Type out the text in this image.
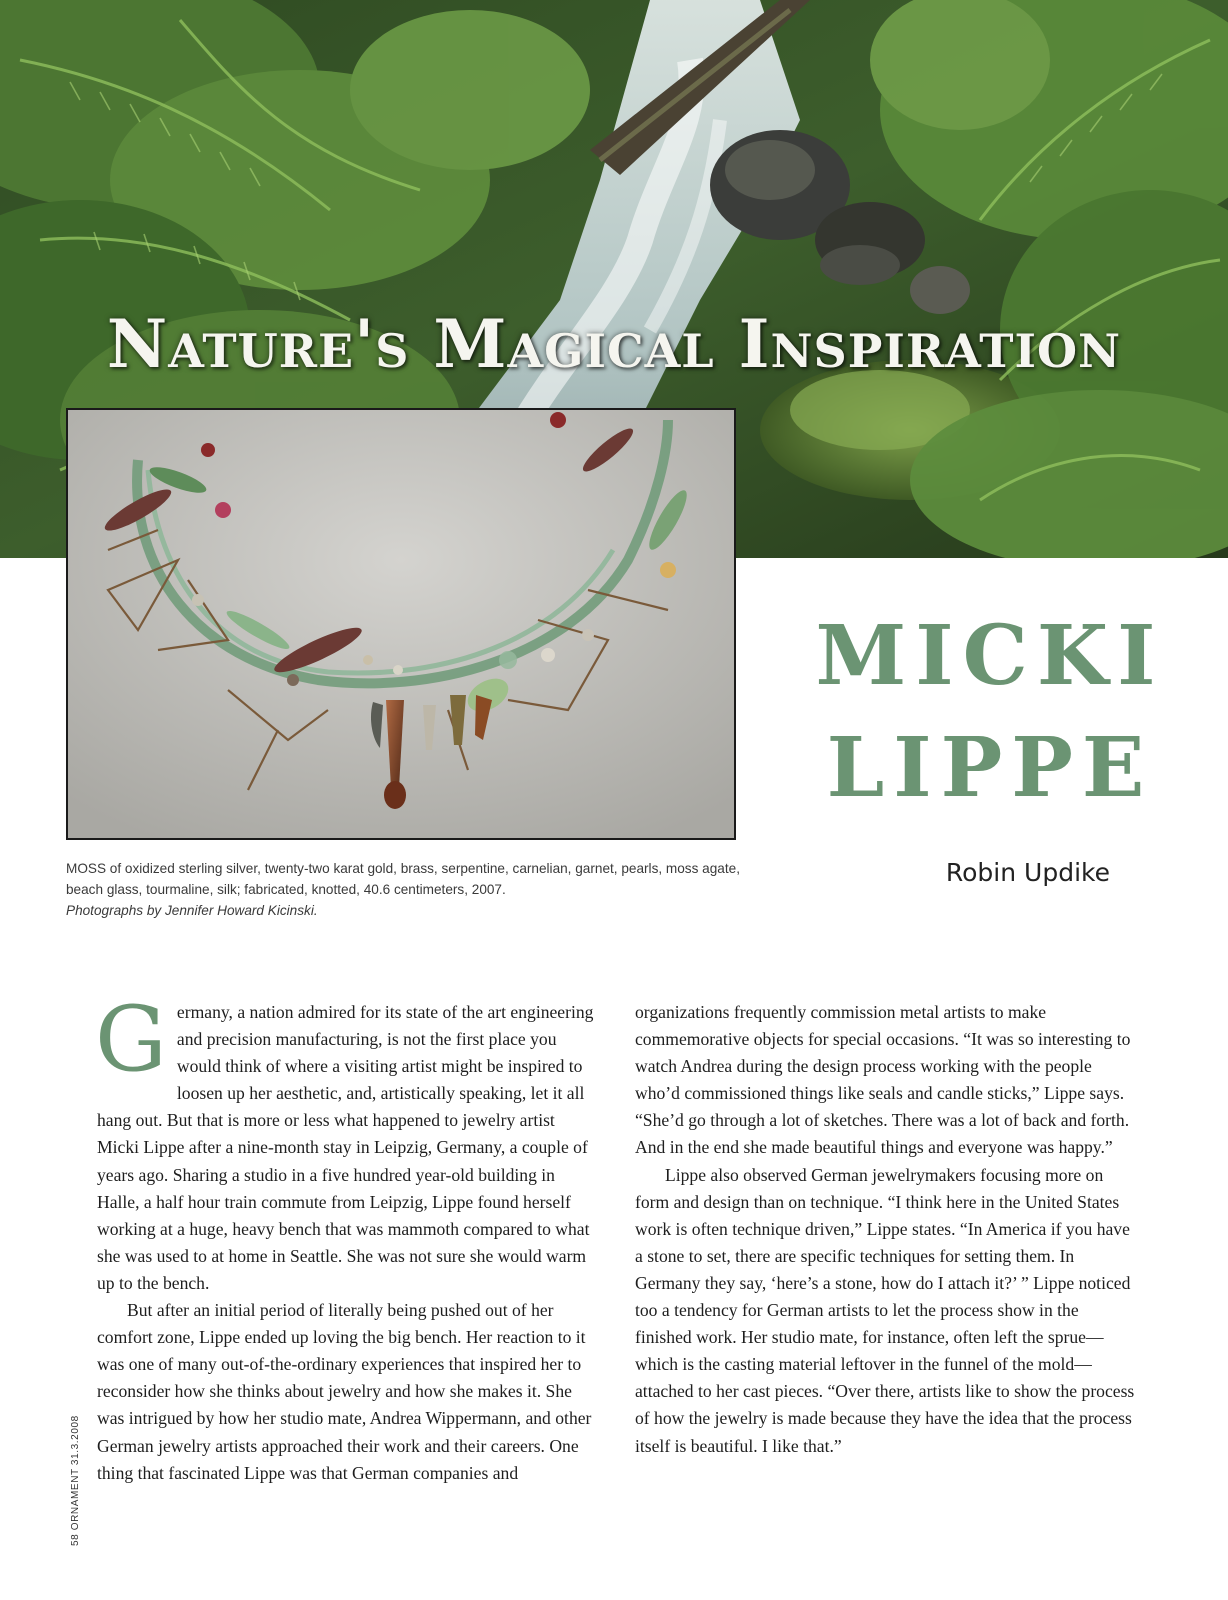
Nature's Magical Inspiration

MOSS of oxidized sterling silver, twenty-two karat gold, brass, serpentine, carnelian, garnet, pearls, moss agate, beach glass, tourmaline, silk; fabricated, knotted, 40.6 centimeters, 2007.
Photographs by Jennifer Howard Kicinski.

MICKI
LIPPE

Robin Updike

Germany, a nation admired for its state of the art engineering and precision manufacturing, is not the first place you would think of where a visiting artist might be inspired to loosen up her aesthetic, and, artistically speaking, let it all hang out. But that is more or less what happened to jewelry artist Micki Lippe after a nine-month stay in Leipzig, Germany, a couple of years ago. Sharing a studio in a five hundred year-old building in Halle, a half hour train commute from Leipzig, Lippe found herself working at a huge, heavy bench that was mammoth compared to what she was used to at home in Seattle. She was not sure she would warm up to the bench.

But after an initial period of literally being pushed out of her comfort zone, Lippe ended up loving the big bench. Her reaction to it was one of many out-of-the-ordinary experiences that inspired her to reconsider how she thinks about jewelry and how she makes it. She was intrigued by how her studio mate, Andrea Wippermann, and other German jewelry artists approached their work and their careers. One thing that fascinated Lippe was that German companies and

organizations frequently commission metal artists to make commemorative objects for special occasions. “It was so interesting to watch Andrea during the design process working with the people who’d commissioned things like seals and candle sticks,” Lippe says. “She’d go through a lot of sketches. There was a lot of back and forth. And in the end she made beautiful things and everyone was happy.”

Lippe also observed German jewelrymakers focusing more on form and design than on technique. “I think here in the United States work is often technique driven,” Lippe states. “In America if you have a stone to set, there are specific techniques for setting them. In Germany they say, ‘here’s a stone, how do I attach it?’ ” Lippe noticed too a tendency for German artists to let the process show in the finished work. Her studio mate, for instance, often left the sprue—which is the casting material leftover in the funnel of the mold—attached to her cast pieces. “Over there, artists like to show the process of how the jewelry is made because they have the idea that the process itself is beautiful. I like that.”

58 ORNAMENT 31.3.2008
